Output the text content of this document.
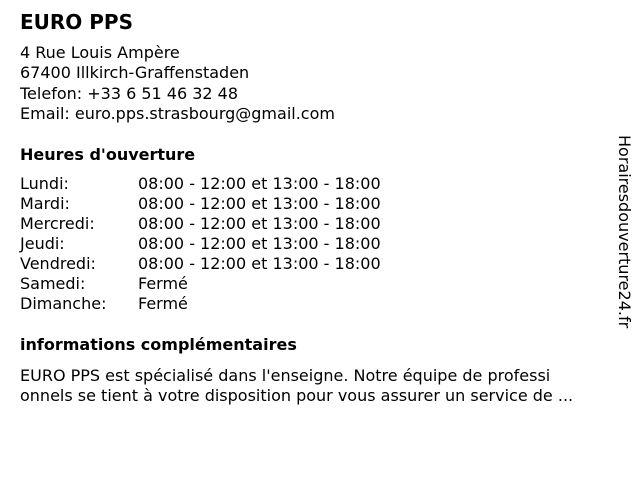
EURO PPS
4 Rue Louis Ampère
67400 Illkirch-Graffenstaden
Telefon: +33 6 51 46 32 48
Email: euro.pps.strasbourg@gmail.com
Heures d'ouverture
Lundi:	08:00 - 12:00 et 13:00 - 18:00
Mardi:	08:00 - 12:00 et 13:00 - 18:00
Mercredi:	08:00 - 12:00 et 13:00 - 18:00
Jeudi:	08:00 - 12:00 et 13:00 - 18:00
Vendredi:	08:00 - 12:00 et 13:00 - 18:00
Samedi:	Fermé
Dimanche:	Fermé
informations complémentaires
EURO PPS est spécialisé dans l'enseigne. Notre équipe de professi
onnels se tient à votre disposition pour vous assurer un service de ...
Horairesdouverture24.fr
